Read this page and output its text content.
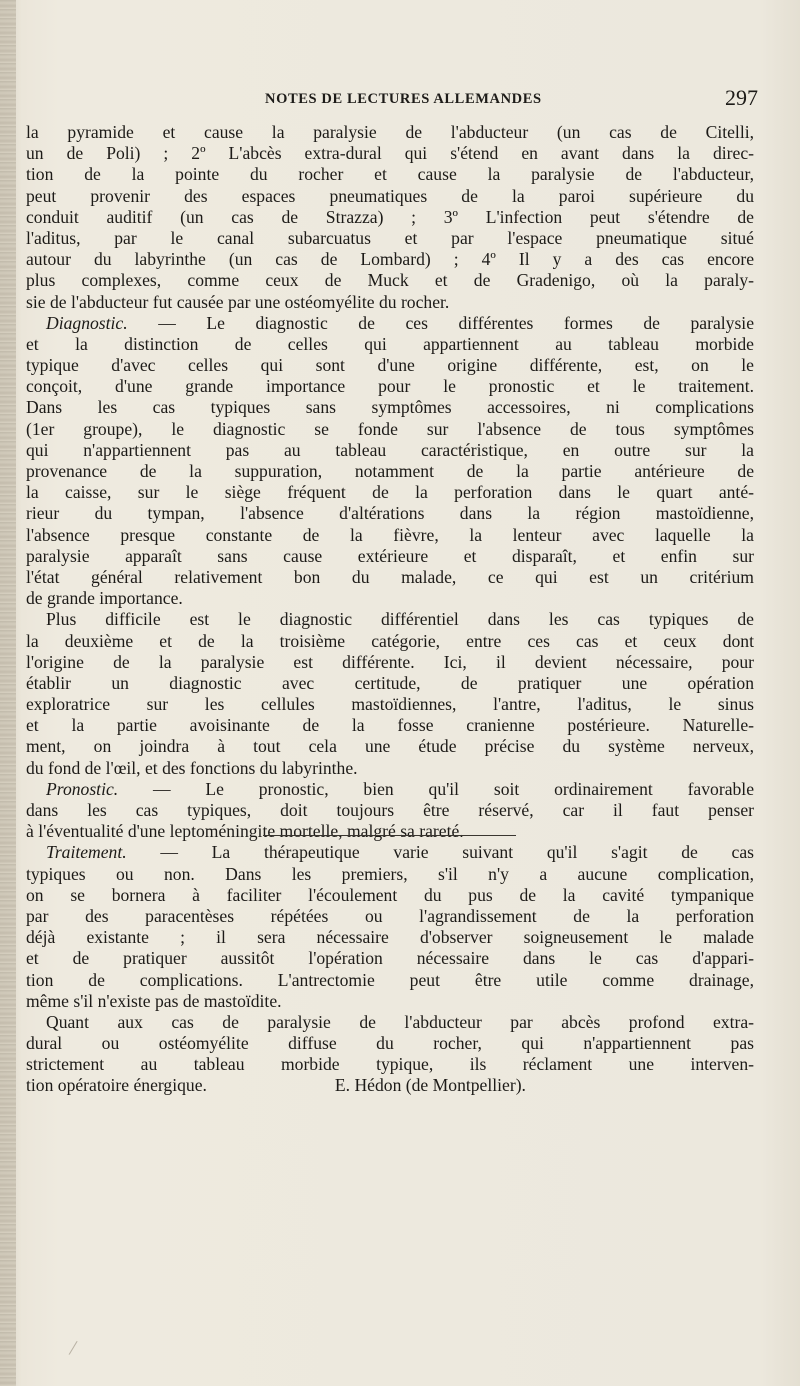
NOTES DE LECTURES ALLEMANDES	297
la pyramide et cause la paralysie de l'abducteur (un cas de Citelli,
un de Poli) ; 2º L'abcès extra-dural qui s'étend en avant dans la direc-
tion de la pointe du rocher et cause la paralysie de l'abducteur,
peut provenir des espaces pneumatiques de la paroi supérieure du
conduit auditif (un cas de Strazza) ; 3º L'infection peut s'étendre de
l'aditus, par le canal subarcuatus et par l'espace pneumatique situé
autour du labyrinthe (un cas de Lombard) ; 4º Il y a des cas encore
plus complexes, comme ceux de Muck et de Gradenigo, où la paraly-
sie de l'abducteur fut causée par une ostéomyélite du rocher.
Diagnostic. — Le diagnostic de ces différentes formes de paralysie
et la distinction de celles qui appartiennent au tableau morbide
typique d'avec celles qui sont d'une origine différente, est, on le
conçoit, d'une grande importance pour le pronostic et le traitement.
Dans les cas typiques sans symptômes accessoires, ni complications
(1er groupe), le diagnostic se fonde sur l'absence de tous symptômes
qui n'appartiennent pas au tableau caractéristique, en outre sur la
provenance de la suppuration, notamment de la partie antérieure de
la caisse, sur le siège fréquent de la perforation dans le quart anté-
rieur du tympan, l'absence d'altérations dans la région mastoïdienne,
l'absence presque constante de la fièvre, la lenteur avec laquelle la
paralysie apparaît sans cause extérieure et disparaît, et enfin sur
l'état général relativement bon du malade, ce qui est un critérium
de grande importance.
Plus difficile est le diagnostic différentiel dans les cas typiques de
la deuxième et de la troisième catégorie, entre ces cas et ceux dont
l'origine de la paralysie est différente. Ici, il devient nécessaire, pour
établir un diagnostic avec certitude, de pratiquer une opération
exploratrice sur les cellules mastoïdiennes, l'antre, l'aditus, le sinus
et la partie avoisinante de la fosse cranienne postérieure. Naturelle-
ment, on joindra à tout cela une étude précise du système nerveux,
du fond de l'œil, et des fonctions du labyrinthe.
Pronostic. — Le pronostic, bien qu'il soit ordinairement favorable
dans les cas typiques, doit toujours être réservé, car il faut penser
à l'éventualité d'une leptoméningite mortelle, malgré sa rareté.
Traitement. — La thérapeutique varie suivant qu'il s'agit de cas
typiques ou non. Dans les premiers, s'il n'y a aucune complication,
on se bornera à faciliter l'écoulement du pus de la cavité tympanique
par des paracentèses répétées ou l'agrandissement de la perforation
déjà existante ; il sera nécessaire d'observer soigneusement le malade
et de pratiquer aussitôt l'opération nécessaire dans le cas d'appari-
tion de complications. L'antrectomie peut être utile comme drainage,
même s'il n'existe pas de mastoïdite.
Quant aux cas de paralysie de l'abducteur par abcès profond extra-
dural ou ostéomyélite diffuse du rocher, qui n'appartiennent pas
strictement au tableau morbide typique, ils réclament une interven-
tion opératoire énergique.	E. Hédon (de Montpellier).
/
